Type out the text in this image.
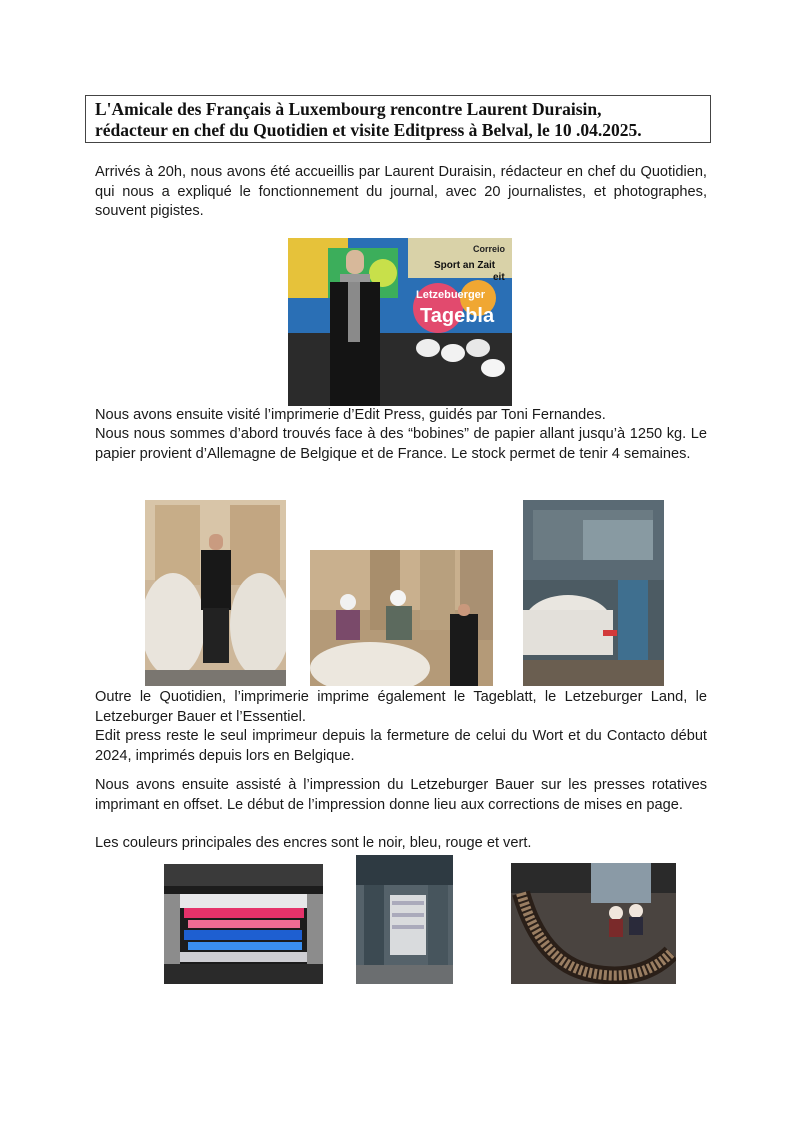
L'Amicale des Français à Luxembourg rencontre Laurent Duraisin,
rédacteur en chef du Quotidien et visite Editpress à Belval, le 10 .04.2025.

Arrivés à 20h, nous avons été accueillis par Laurent Duraisin, rédacteur en chef du Quotidien, qui nous a expliqué le fonctionnement du journal, avec 20 journalistes, et photographes, souvent pigistes.

Correio
Sport an Zait
eit
Letzebuerger
Tagebla

Nous avons ensuite visité l’imprimerie d’Edit Press, guidés par Toni Fernandes.

Nous nous sommes d’abord trouvés face à des “bobines” de papier allant jusqu’à 1250 kg. Le papier provient d’Allemagne de Belgique et de France. Le stock permet de tenir 4 semaines.

Outre le Quotidien, l’imprimerie imprime également le Tageblatt, le Letzeburger Land, le Letzeburger Bauer et l’Essentiel.

Edit press reste le seul imprimeur depuis la fermeture de celui du Wort et du Contacto début 2024, imprimés depuis lors en Belgique.

Nous avons ensuite assisté à l’impression du Letzeburger Bauer sur les presses rotatives imprimant en offset. Le début de l’impression donne lieu aux corrections de mises en page.

Les couleurs principales des encres sont le noir, bleu, rouge et vert.
